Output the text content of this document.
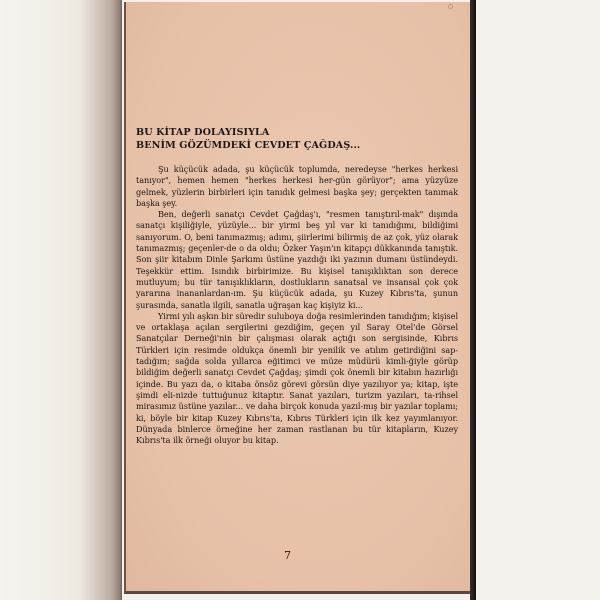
○
BU KİTAP DOLAYISIYLA
BENİM GÖZÜMDEKİ CEVDET ÇAĞDAŞ...

Şu küçücük adada, şu küçücük toplumda, neredeyse "herkes herkesi tanıyor", hemen hemen "herkes herkesi her-gün görüyor"; ama yüzyüze gelmek, yüzlerin birbirleri için tanıdık gelmesi başka şey; gerçekten tanımak başka şey.

Ben, değerli sanatçı Cevdet Çağdaş'ı, "resmen tanıştırıl-mak" dışında sanatçı kişiliğiyle, yüzüyle... bir yirmi beş yıl var ki tanıdığımı, bildiğimi sanıyorum. O, beni tanımazmış; adımı, şiirlerimi bilirmiş de az çok, yüz olarak tanımazmış; geçenler-de o da oldu; Özker Yaşın'ın kitapçı dükkanında tanıştık. Son şiir kitabım Dinle Şarkımı üstüne yazdığı iki yazının dumanı üstündeydi. Teşekkür ettim. Isındık birbirimize. Bu kişisel tanışıklıktan son derece mutluyum; bu tür tanışıklıkların, dostlukların sanatsal ve insansal çok çok yararına inananlardan-ım. Şu küçücük adada, şu Kuzey Kıbrıs'ta, şunun şurasında, sanatla ilgili, sanatla uğraşan kaç kişiyiz ki...

Yirmi yılı aşkın bir süredir suluboya doğa resimlerinden tanıdığım; kişisel ve ortaklaşa açılan sergilerini gezdiğim, geçen yıl Saray Otel'de Görsel Sanatçılar Derneği'nin bir çalışması olarak açtığı son sergisinde, Kıbrıs Türkleri için resimde oldukça önemli bir yenilik ve atılım getirdiğini sap-tadığım; sağda solda yıllarca eğitimci ve müze müdürü kimli-ğiyle görüp bildiğim değerli sanatçı Cevdet Çağdaş; şimdi çok önemli bir kitabın hazırlığı içinde. Bu yazı da, o kitaba önsöz görevi görsün diye yazılıyor ya; kitap, işte şimdi eli-nizde tuttuğunuz kitaptır. Sanat yazıları, turizm yazıları, ta-rihsel mirasımız üstüne yazılar... ve daha birçok konuda yazıl-mış bir yazılar toplamı; ki, böyle bir kitap Kuzey Kıbrıs'ta, Kıbrıs Türkleri için ilk kez yayımlanıyor. Dünyada binlerce örneğine her zaman rastlanan bu tür kitapların, Kuzey Kıbrıs'ta ilk örneği oluyor bu kitap.

7
